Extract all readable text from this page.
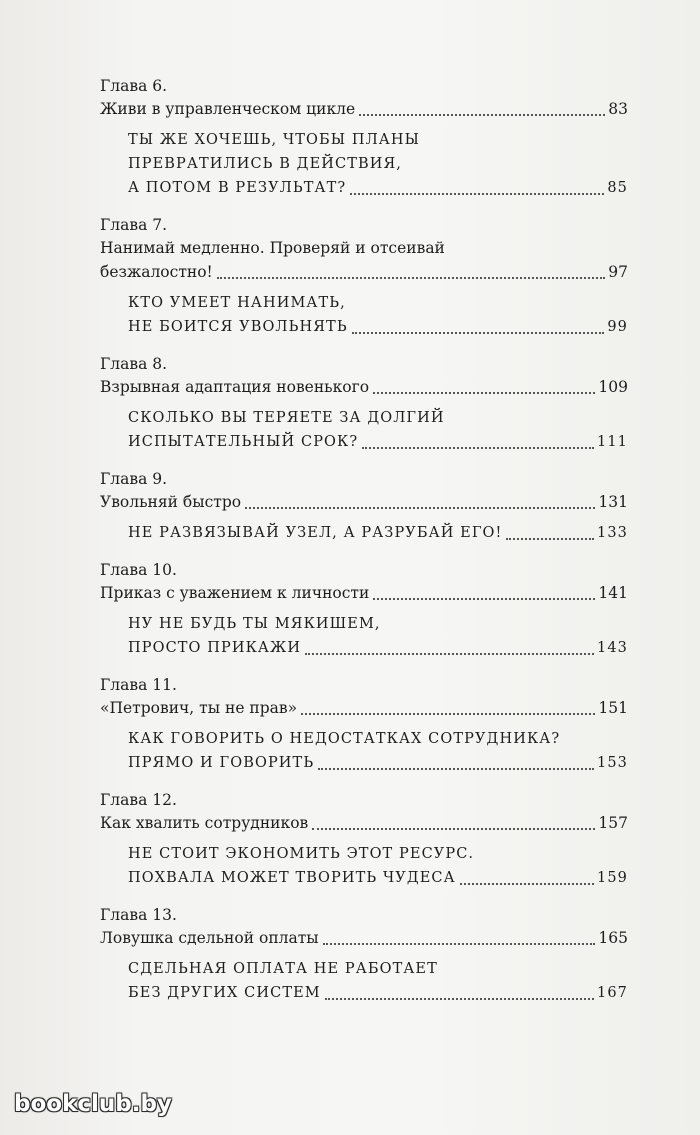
Глава 6.
Живи в управленческом цикле	83
ТЫ ЖЕ ХОЧЕШЬ, ЧТОБЫ ПЛАНЫ
ПРЕВРАТИЛИСЬ В ДЕЙСТВИЯ,
А ПОТОМ В РЕЗУЛЬТАТ?	85
Глава 7.
Нанимай медленно. Проверяй и отсеивай
безжалостно!	97
КТО УМЕЕТ НАНИМАТЬ,
НЕ БОИТСЯ УВОЛЬНЯТЬ	99
Глава 8.
Взрывная адаптация новенького	109
СКОЛЬКО ВЫ ТЕРЯЕТЕ ЗА ДОЛГИЙ
ИСПЫТАТЕЛЬНЫЙ СРОК?	111
Глава 9.
Увольняй быстро	131
НЕ РАЗВЯЗЫВАЙ УЗЕЛ, А РАЗРУБАЙ ЕГО!	133
Глава 10.
Приказ с уважением к личности	141
НУ НЕ БУДЬ ТЫ МЯКИШЕМ,
ПРОСТО ПРИКАЖИ	143
Глава 11.
«Петрович, ты не прав»	151
КАК ГОВОРИТЬ О НЕДОСТАТКАХ СОТРУДНИКА?
ПРЯМО И ГОВОРИТЬ	153
Глава 12.
Как хвалить сотрудников	157
НЕ СТОИТ ЭКОНОМИТЬ ЭТОТ РЕСУРС.
ПОХВАЛА МОЖЕТ ТВОРИТЬ ЧУДЕСА	159
Глава 13.
Ловушка сдельной оплаты	165
СДЕЛЬНАЯ ОПЛАТА НЕ РАБОТАЕТ
БЕЗ ДРУГИХ СИСТЕМ	167
bookclub.by
